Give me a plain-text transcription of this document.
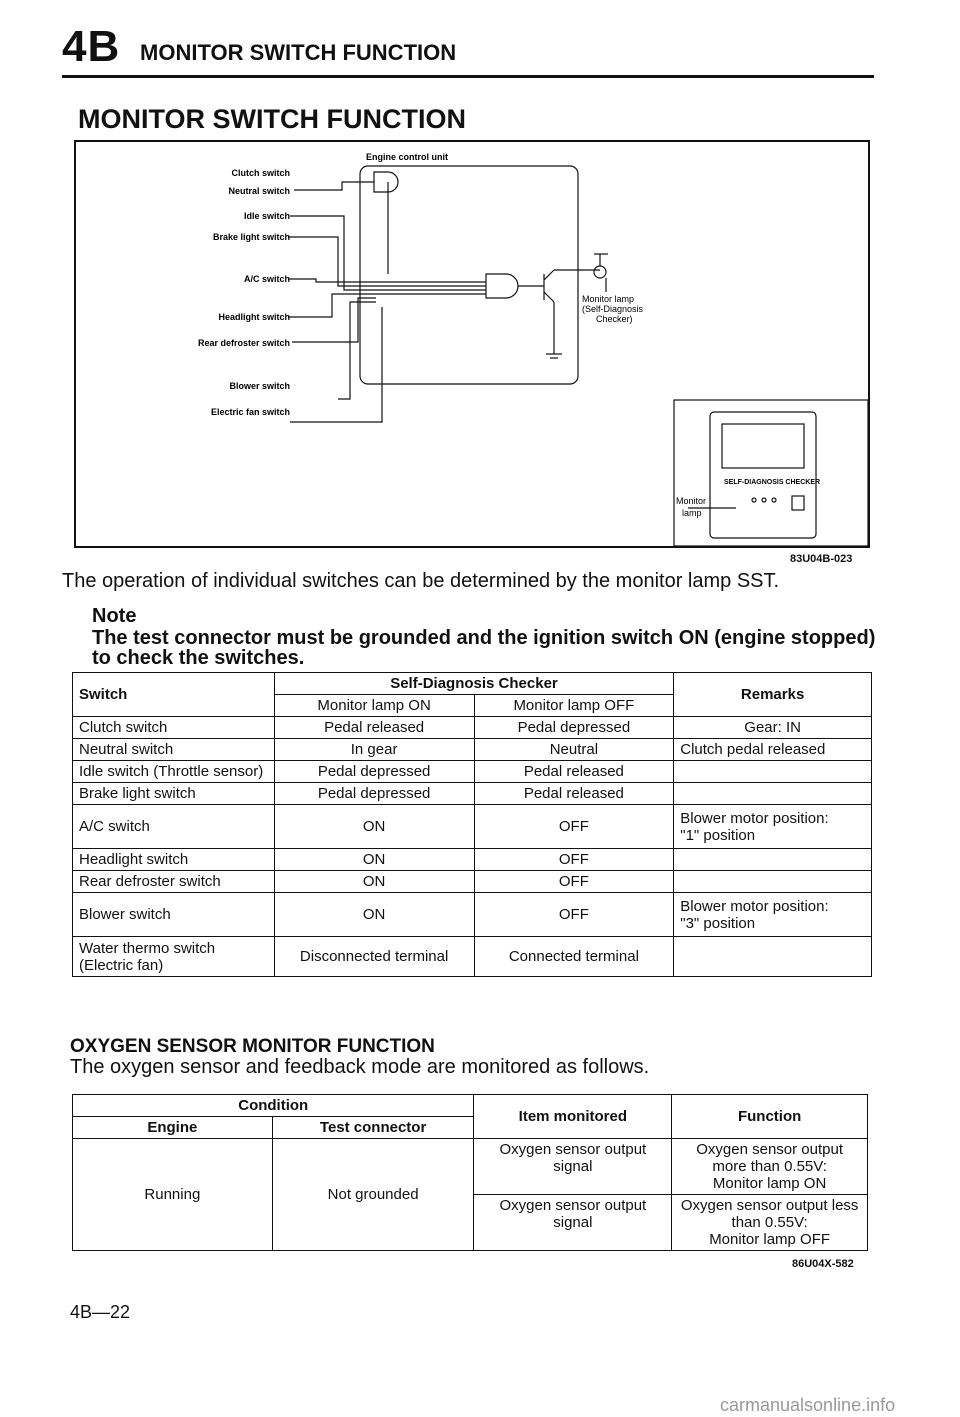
4B MONITOR SWITCH FUNCTION
MONITOR SWITCH FUNCTION
Engine control unit
Clutch switch
Neutral switch
Idle switch
Brake light switch
A/C switch
Headlight switch
Rear defroster switch
Blower switch
Electric fan switch
Monitor lamp
(Self-Diagnosis
Checker)
SELF-DIAGNOSIS CHECKER
Monitor
lamp
83U04B-023
The operation of individual switches can be determined by the monitor lamp SST.
Note
The test connector must be grounded and the ignition switch ON (engine stopped) to check the switches.
Switch	Self-Diagnosis Checker		Remarks
	Monitor lamp ON	Monitor lamp OFF	
Clutch switch	Pedal released	Pedal depressed	Gear: IN
Neutral switch	In gear	Neutral	Clutch pedal released
Idle switch (Throttle sensor)	Pedal depressed	Pedal released	
Brake light switch	Pedal depressed	Pedal released	
A/C switch	ON	OFF	Blower motor position:
"1" position
Headlight switch	ON	OFF	
Rear defroster switch	ON	OFF	
Blower switch	ON	OFF	Blower motor position:
"3" position
Water thermo switch
(Electric fan)	Disconnected terminal	Connected terminal	
OXYGEN SENSOR MONITOR FUNCTION
The oxygen sensor and feedback mode are monitored as follows.
Condition		Item monitored	Function
Engine	Test connector		
Running	Not grounded	Oxygen sensor output
signal	Oxygen sensor output
more than 0.55V:
Monitor lamp ON
		Oxygen sensor output
signal	Oxygen sensor output less
than 0.55V:
Monitor lamp OFF
86U04X-582
4B—22
carmanualsonline.info
